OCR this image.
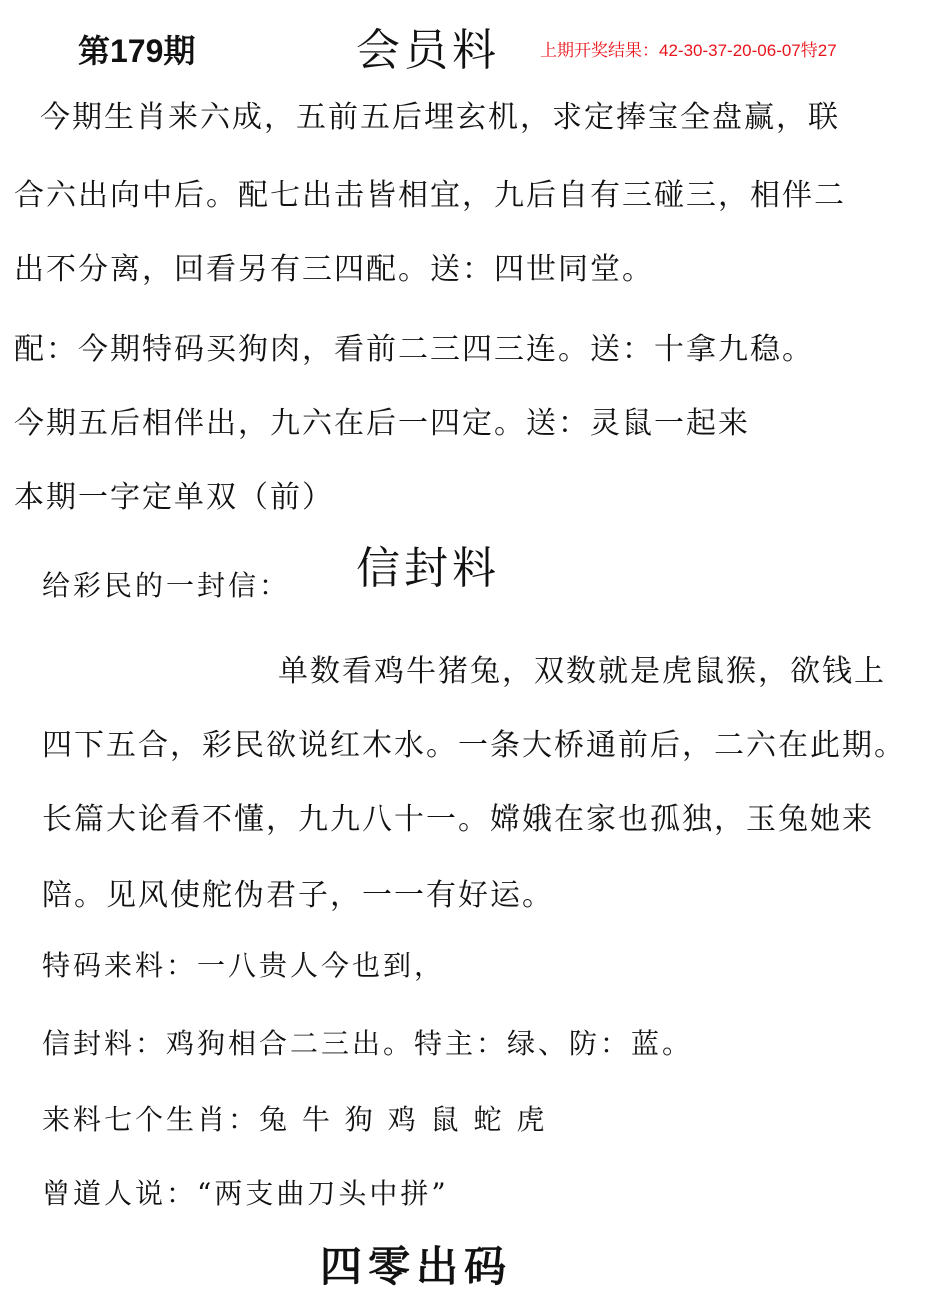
第179期	会员料 上期开奖结果：42-30-37-20-06-07特27
今期生肖来六成，五前五后埋玄机，求定捧宝全盘赢，联
合六出向中后。配七出击皆相宜，九后自有三碰三，相伴二
出不分离，回看另有三四配。送：四世同堂。
配：今期特码买狗肉，看前二三四三连。送：十拿九稳。
今期五后相伴出，九六在后一四定。送：灵鼠一起来
本期一字定单双（前）
给彩民的一封信： 信封料
单数看鸡牛猪兔，双数就是虎鼠猴，欲钱上
四下五合，彩民欲说红木水。一条大桥通前后，二六在此期。
长篇大论看不懂，九九八十一。嫦娥在家也孤独，玉兔她来
陪。见风使舵伪君子，一一有好运。
特码来料：一八贵人今也到，
信封料：鸡狗相合二三出。特主：绿、防：蓝。
来料七个生肖：兔 牛 狗 鸡 鼠 蛇 虎
曾道人说：“两支曲刀头中拼”
四零出码
